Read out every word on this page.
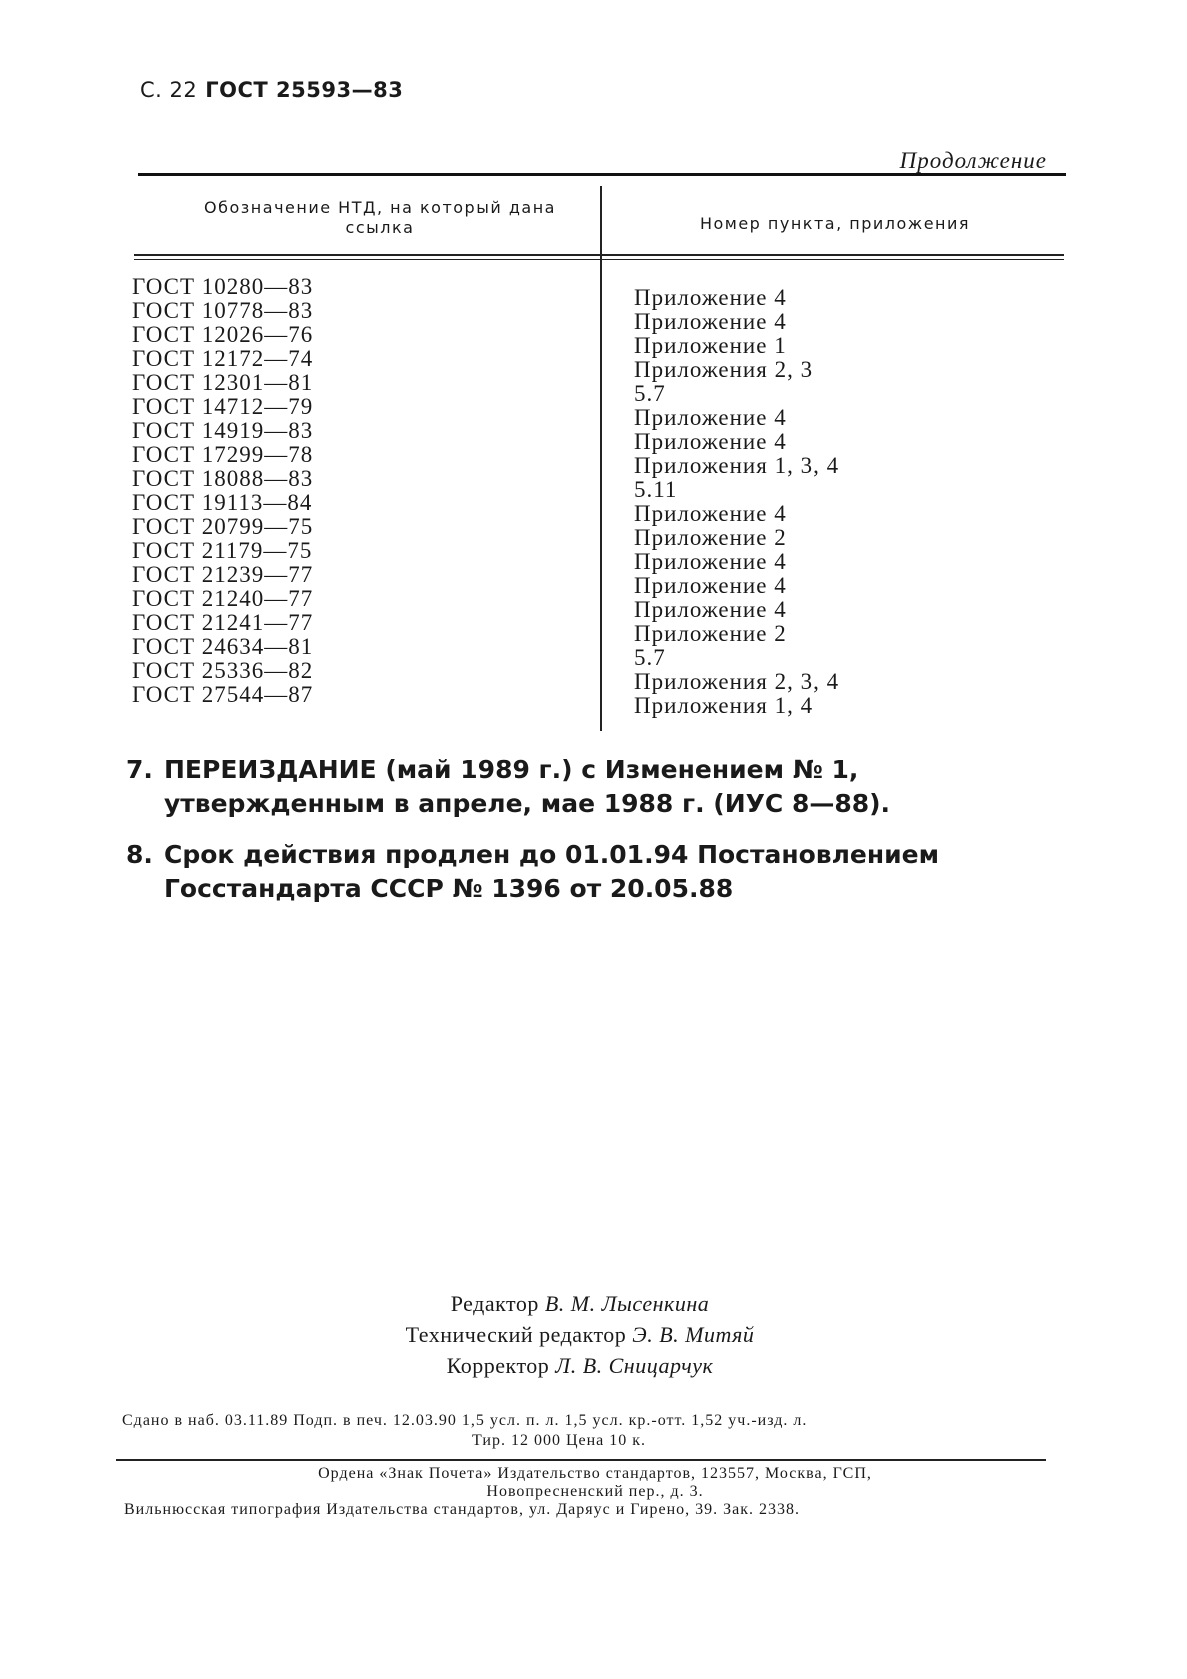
С. 22 ГОСТ 25593—83
Продолжение
Обозначение НТД, на который дана ссылка	Номер пункта, приложения
ГОСТ 10280—83
ГОСТ 10778—83
ГОСТ 12026—76
ГОСТ 12172—74
ГОСТ 12301—81
ГОСТ 14712—79
ГОСТ 14919—83
ГОСТ 17299—78
ГОСТ 18088—83
ГОСТ 19113—84
ГОСТ 20799—75
ГОСТ 21179—75
ГОСТ 21239—77
ГОСТ 21240—77
ГОСТ 21241—77
ГОСТ 24634—81
ГОСТ 25336—82
ГОСТ 27544—87
Приложение 4
Приложение 4
Приложение 1
Приложения 2, 3
5.7
Приложение 4
Приложение 4
Приложения 1, 3, 4
5.11
Приложение 4
Приложение 2
Приложение 4
Приложение 4
Приложение 4
Приложение 2
5.7
Приложения 2, 3, 4
Приложения 1, 4
7. ПЕРЕИЗДАНИЕ (май 1989 г.) с Изменением № 1, утвержденным в апреле, мае 1988 г. (ИУС 8—88).
8. Срок действия продлен до 01.01.94 Постановлением Госстандарта СССР № 1396 от 20.05.88
Редактор В. М. Лысенкина
Технический редактор Э. В. Митяй
Корректор Л. В. Сницарчук
Сдано в наб. 03.11.89 Подп. в печ. 12.03.90 1,5 усл. п. л. 1,5 усл. кр.-отт. 1,52 уч.-изд. л.
Тир. 12 000 Цена 10 к.
Ордена «Знак Почета» Издательство стандартов, 123557, Москва, ГСП,
Новопресненский пер., д. 3.
Вильнюсская типография Издательства стандартов, ул. Даряус и Гирено, 39. Зак. 2338.
